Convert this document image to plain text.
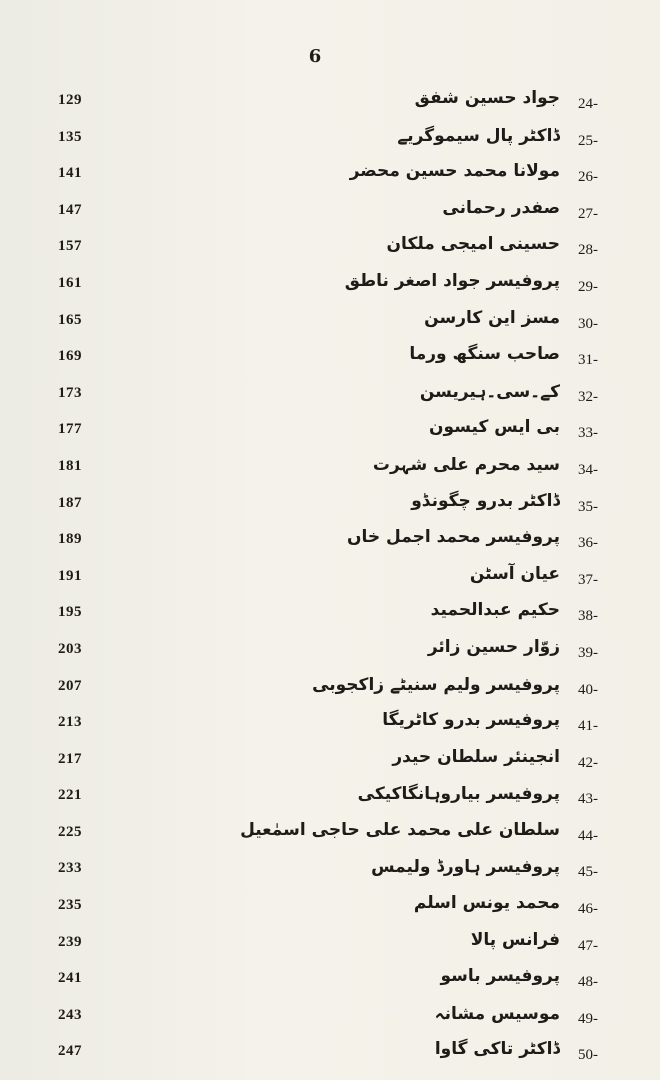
6
129	جواد حسین شفق 24-
135	ڈاکٹر پال سیموگریے 25-
141	مولانا محمد حسین محضر 26-
147	صفدر رحمانی 27-
157	حسینی امیجی ملکان 28-
161	پروفیسر جواد اصغر ناطق 29-
165	مسز این کارسن 30-
169	صاحب سنگھ ورما 31-
173	کے۔سی۔ہیریسن 32-
177	بی ایس کیسون 33-
181	سید محرم علی شہرت 34-
187	ڈاکٹر بدرو چگونڈو 35-
189	پروفیسر محمد اجمل خاں 36-
191	عیان آسٹن 37-
195	حکیم عبدالحمید 38-
203	زوّار حسین زائر 39-
207	پروفیسر ولیم سنیٹے زاکجوبی 40-
213	پروفیسر بدرو کاٹریگا 41-
217	انجینئر سلطان حیدر 42-
221	پروفیسر بیاروہانگاکیکی 43-
225	سلطان علی محمد علی حاجی اسمٰعیل 44-
233	پروفیسر ہاورڈ ولیمس 45-
235	محمد یونس اسلم 46-
239	فرانس پالا 47-
241	پروفیسر باسو 48-
243	موسیس مشانہ 49-
247	ڈاکٹر تاکی گاوا 50-
